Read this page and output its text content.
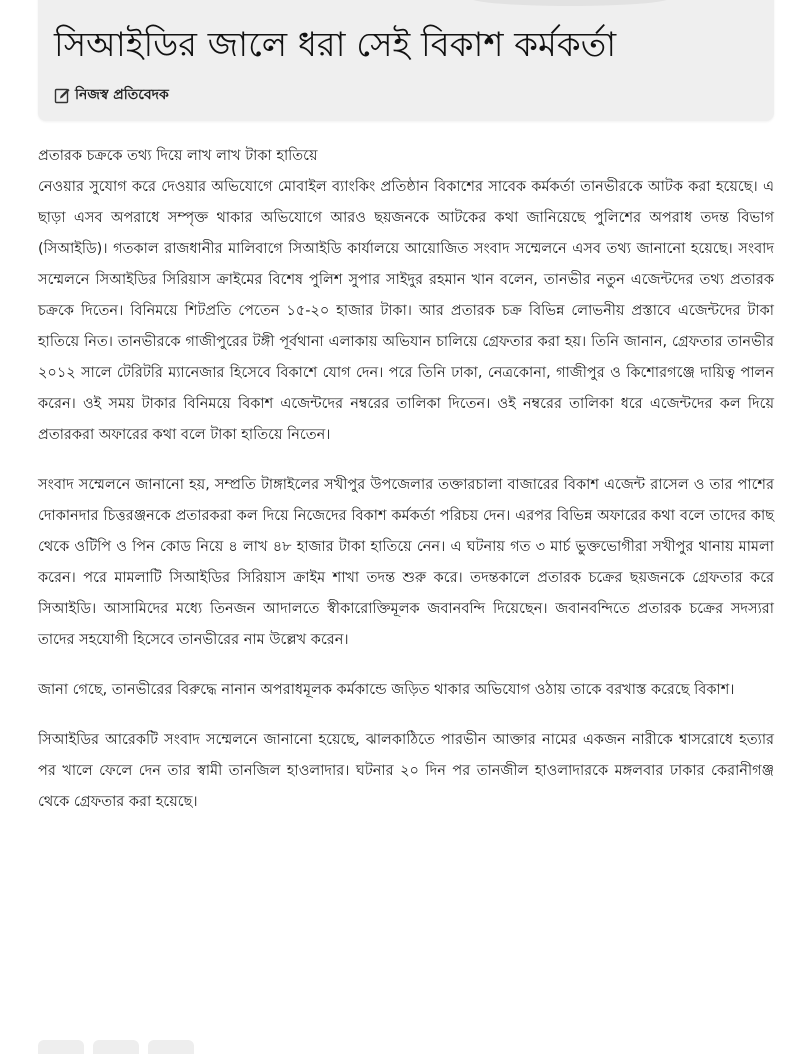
সিআইডির জালে ধরা সেই বিকাশ কর্মকর্তা
নিজস্ব প্রতিবেদক

প্রতারক চক্রকে তথ্য দিয়ে লাখ লাখ টাকা হাতিয়ে

নেওয়ার সুযোগ করে দেওয়ার অভিযোগে মোবাইল ব্যাংকিং প্রতিষ্ঠান বিকাশের সাবেক কর্মকর্তা তানভীরকে আটক করা হয়েছে। এ ছাড়া এসব অপরাধে সম্পৃক্ত থাকার অভিযোগে আরও ছয়জনকে আটকের কথা জানিয়েছে পুলিশের অপরাধ তদন্ত বিভাগ (সিআইডি)। গতকাল রাজধানীর মালিবাগে সিআইডি কার্যালয়ে আয়োজিত সংবাদ সম্মেলনে এসব তথ্য জানানো হয়েছে। সংবাদ সম্মেলনে সিআইডির সিরিয়াস ক্রাইমের বিশেষ পুলিশ সুপার সাইদুর রহমান খান বলেন, তানভীর নতুন এজেন্টদের তথ্য প্রতারক চক্রকে দিতেন। বিনিময়ে শিটপ্রতি পেতেন ১৫-২০ হাজার টাকা। আর প্রতারক চক্র বিভিন্ন লোভনীয় প্রস্তাবে এজেন্টদের টাকা হাতিয়ে নিত। তানভীরকে গাজীপুরের টঙ্গী পূর্বথানা এলাকায় অভিযান চালিয়ে গ্রেফতার করা হয়। তিনি জানান, গ্রেফতার তানভীর ২০১২ সালে টেরিটরি ম্যানেজার হিসেবে বিকাশে যোগ দেন। পরে তিনি ঢাকা, নেত্রকোনা, গাজীপুর ও কিশোরগঞ্জে দায়িত্ব পালন করেন। ওই সময় টাকার বিনিময়ে বিকাশ এজেন্টদের নম্বরের তালিকা দিতেন। ওই নম্বরের তালিকা ধরে এজেন্টদের কল দিয়ে প্রতারকরা অফারের কথা বলে টাকা হাতিয়ে নিতেন।

সংবাদ সম্মেলনে জানানো হয়, সম্প্রতি টাঙ্গাইলের সখীপুর উপজেলার তক্তারচালা বাজারের বিকাশ এজেন্ট রাসেল ও তার পাশের দোকানদার চিত্তরঞ্জনকে প্রতারকরা কল দিয়ে নিজেদের বিকাশ কর্মকর্তা পরিচয় দেন। এরপর বিভিন্ন অফারের কথা বলে তাদের কাছ থেকে ওটিপি ও পিন কোড নিয়ে ৪ লাখ ৪৮ হাজার টাকা হাতিয়ে নেন। এ ঘটনায় গত ৩ মার্চ ভুক্তভোগীরা সখীপুর থানায় মামলা করেন। পরে মামলাটি সিআইডির সিরিয়াস ক্রাইম শাখা তদন্ত শুরু করে। তদন্তকালে প্রতারক চক্রের ছয়জনকে গ্রেফতার করে সিআইডি। আসামিদের মধ্যে তিনজন আদালতে স্বীকারোক্তিমূলক জবানবন্দি দিয়েছেন। জবানবন্দিতে প্রতারক চক্রের সদস্যরা তাদের সহযোগী হিসেবে তানভীরের নাম উল্লেখ করেন।

জানা গেছে, তানভীরের বিরুদ্ধে নানান অপরাধমূলক কর্মকান্ডে জড়িত থাকার অভিযোগ ওঠায় তাকে বরখাস্ত করেছে বিকাশ।

সিআইডির আরেকটি সংবাদ সম্মেলনে জানানো হয়েছে, ঝালকাঠিতে পারভীন আক্তার নামের একজন নারীকে শ্বাসরোধে হত্যার পর খালে ফেলে দেন তার স্বামী তানজিল হাওলাদার। ঘটনার ২০ দিন পর তানজীল হাওলাদারকে মঙ্গলবার ঢাকার কেরানীগঞ্জ থেকে গ্রেফতার করা হয়েছে।
